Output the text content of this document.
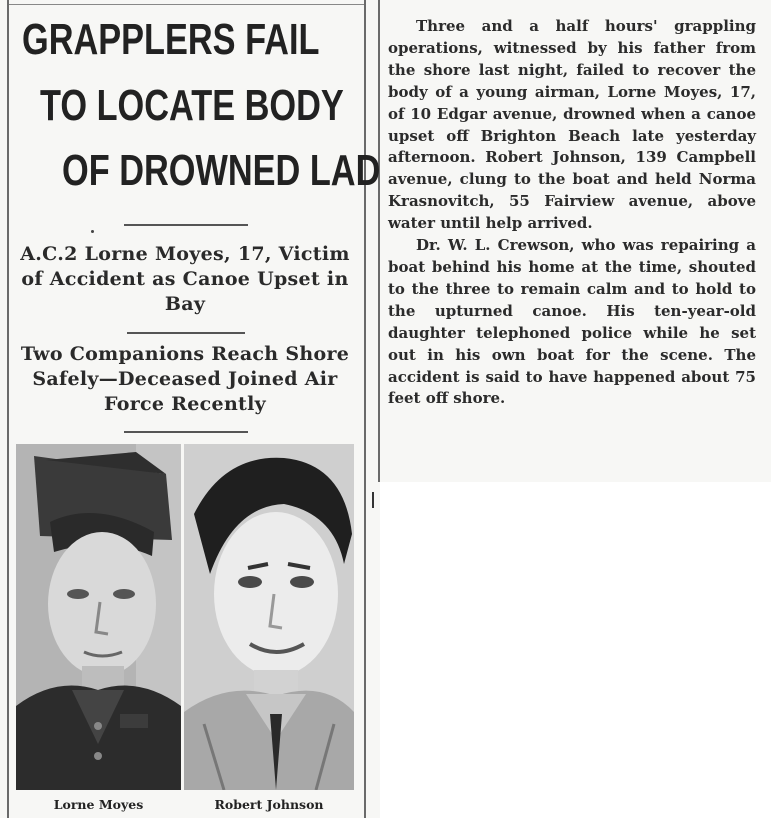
GRAPPLERS FAIL
TO LOCATE BODY
OF DROWNED LAD
A.C.2 Lorne Moyes, 17, Victim of Accident as Canoe Upset in Bay
Two Companions Reach Shore Safely—Deceased Joined Air Force Recently
Lorne Moyes	Robert Johnson

Three and a half hours' grappling operations, witnessed by his father from the shore last night, failed to recover the body of a young airman, Lorne Moyes, 17, of 10 Edgar avenue, drowned when a canoe upset off Brighton Beach late yesterday afternoon. Robert Johnson, 139 Campbell avenue, clung to the boat and held Norma Krasnovitch, 55 Fairview avenue, above water until help arrived.

Dr. W. L. Crewson, who was repairing a boat behind his home at the time, shouted to the three to remain calm and to hold to the upturned canoe. His ten-year-old daughter telephoned police while he set out in his own boat for the scene. The accident is said to have happened about 75 feet off shore.
